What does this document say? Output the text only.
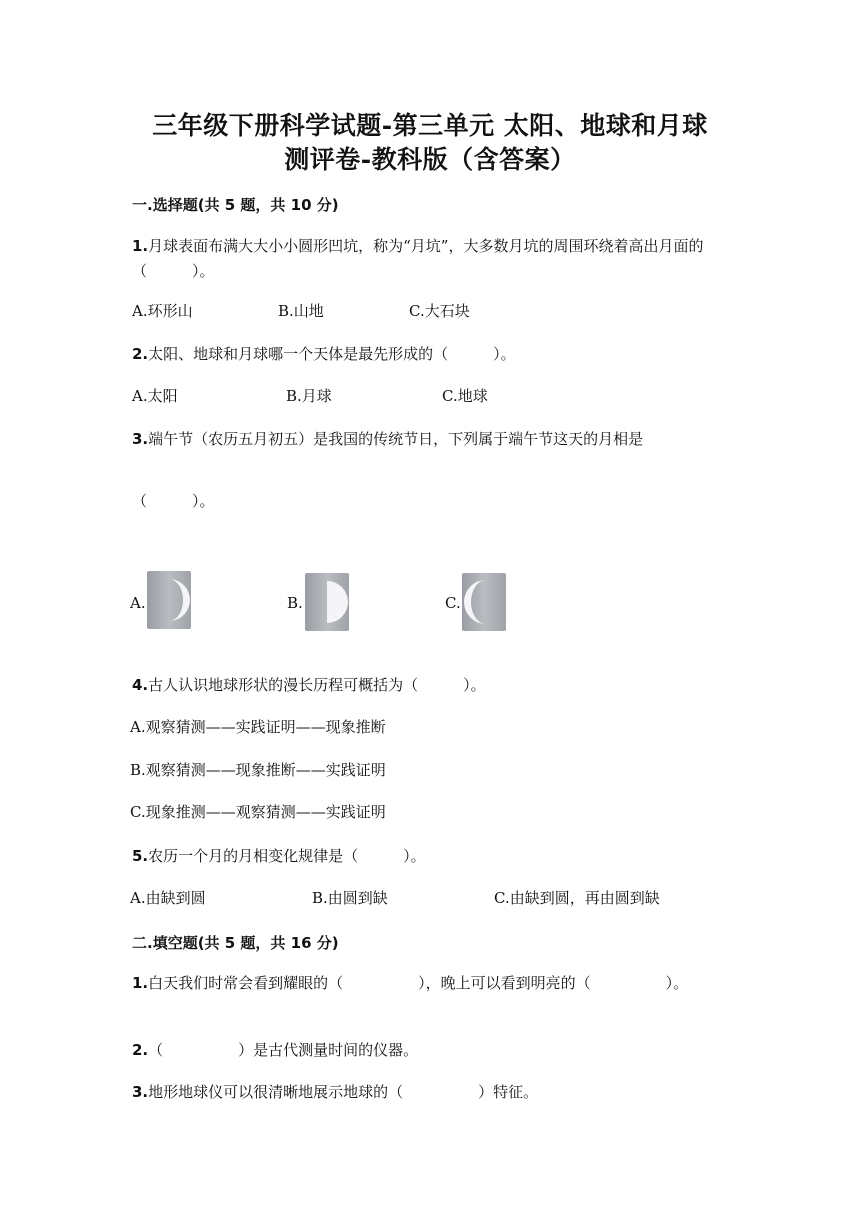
三年级下册科学试题-第三单元 太阳、地球和月球
测评卷-教科版（含答案）
一.选择题(共 5 题，共 10 分)
1.月球表面布满大大小小圆形凹坑，称为“月坑”，大多数月坑的周围环绕着高出月面的（　　　）。
A.环形山	B.山地	C.大石块
2.太阳、地球和月球哪一个天体是最先形成的（　　　）。
A.太阳	B.月球	C.地球
3.端午节（农历五月初五）是我国的传统节日，下列属于端午节这天的月相是
（　　　）。
A.	B.	C.
4.古人认识地球形状的漫长历程可概括为（　　　）。
A.观察猜测——实践证明——现象推断
B.观察猜测——现象推断——实践证明
C.现象推测——观察猜测——实践证明
5.农历一个月的月相变化规律是（　　　）。
A.由缺到圆	B.由圆到缺	C.由缺到圆，再由圆到缺
二.填空题(共 5 题，共 16 分)
1.白天我们时常会看到耀眼的（　　　　　），晚上可以看到明亮的（　　　　　）。
2.（　　　　　）是古代测量时间的仪器。
3.地形地球仪可以很清晰地展示地球的（　　　　　）特征。
